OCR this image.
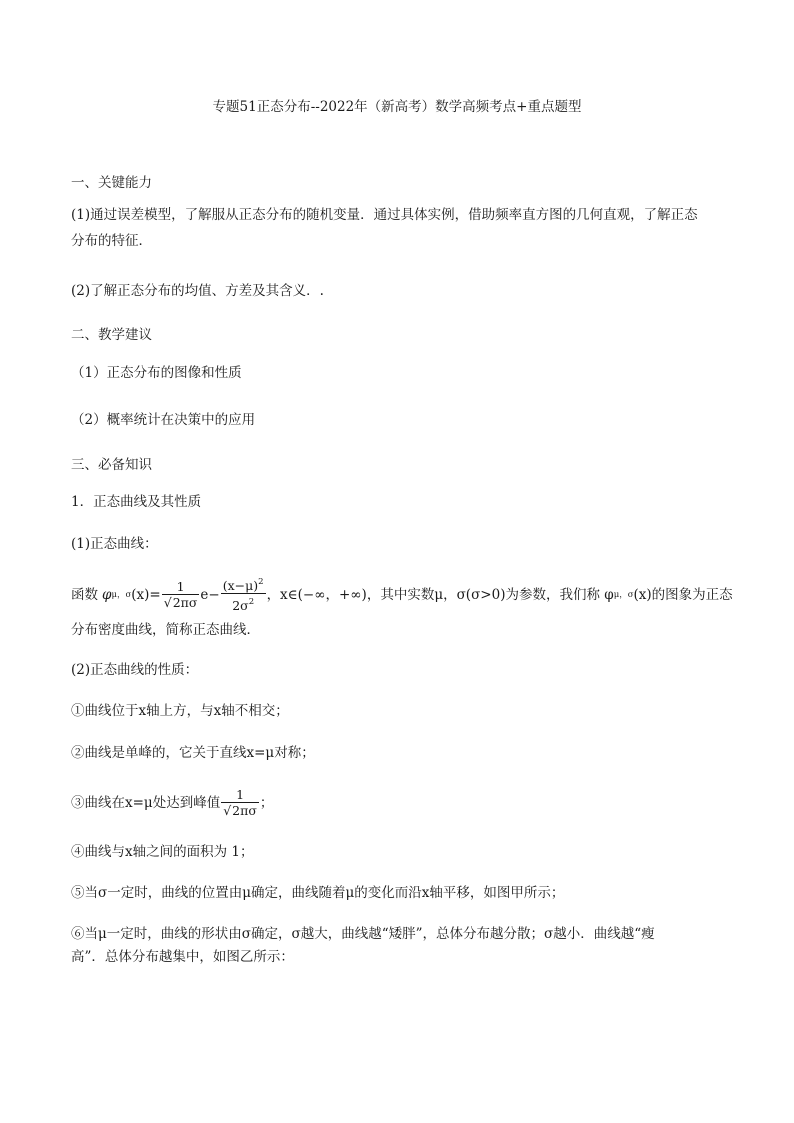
专题51正态分布--2022年（新高考）数学高频考点+重点题型
一、关键能力
(1)通过误差模型，了解服从正态分布的随机变量．通过具体实例，借助频率直方图的几何直观，了解正态
分布的特征．
(2)了解正态分布的均值、方差及其含义．.
二、教学建议
（1）正态分布的图像和性质
（2）概率统计在决策中的应用
三、必备知识
1．正态曲线及其性质
(1)正态曲线：
函数 φ μ，σ $(x)= \frac{1}{√2\pi\sigma}$ $e - \frac{(x-\mu)^2}{2\sigma^2}$ ，x∈(−∞，+∞)，其中实数μ，σ(σ>0)为参数，我们称 φ μ，σ (x)的图象为正态
分布密度曲线，简称正态曲线．
(2)正态曲线的性质：
①曲线位于x轴上方，与x轴不相交；
②曲线是单峰的，它关于直线x=μ对称；
③曲线在x=μ处达到峰值 $\frac{1}{√2\pi\sigma}$ ；
④曲线与x轴之间的面积为 1；
⑤当σ一定时，曲线的位置由μ确定，曲线随着μ的变化而沿x轴平移，如图甲所示；
⑥当μ一定时，曲线的形状由σ确定，σ越大，曲线越“矮胖”，总体分布越分散；σ越小．曲线越“瘦
高”．总体分布越集中，如图乙所示：
